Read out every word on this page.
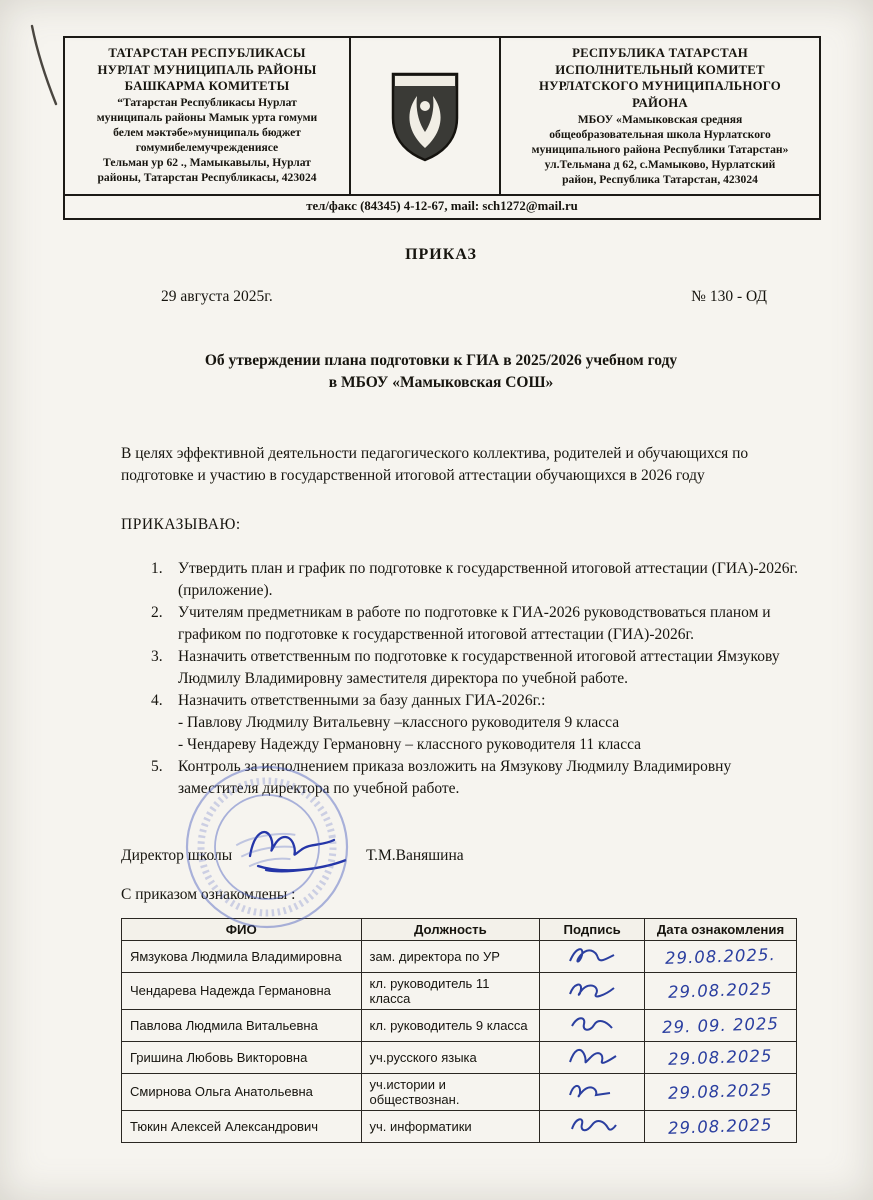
ТАТАРСТАН РЕСПУБЛИКАСЫ
НУРЛАТ МУНИЦИПАЛЬ РАЙОНЫ
БАШКАРМА КОМИТЕТЫ
“Татарстан Республикасы Нурлат
муниципаль районы Мамык урта гомуми
белем мәктәбе»муниципаль бюджет
гомумибелемучреждениясе
Тельман ур 62 ., Мамыкавылы, Нурлат
районы, Татарстан Республикасы, 423024
РЕСПУБЛИКА ТАТАРСТАН
ИСПОЛНИТЕЛЬНЫЙ КОМИТЕТ
НУРЛАТСКОГО МУНИЦИПАЛЬНОГО
РАЙОНА
МБОУ «Мамыковская средняя
общеобразовательная школа Нурлатского
муниципального района Республики Татарстан»
ул.Тельмана д 62, с.Мамыково, Нурлатский
район, Республика Татарстан, 423024
тел/факс (84345) 4-12-67, mail: sch1272@mail.ru
ПРИКАЗ
29 августа 2025г.	№ 130 - ОД
Об утверждении плана подготовки к ГИА в 2025/2026 учебном году
в МБОУ «Мамыковская СОШ»
В целях эффективной деятельности педагогического коллектива, родителей и обучающихся по подготовке и участию в государственной итоговой аттестации обучающихся в 2026 году
ПРИКАЗЫВАЮ:
1. Утвердить план и график по подготовке к государственной итоговой аттестации (ГИА)-2026г.(приложение).
2. Учителям предметникам в работе по подготовке к ГИА-2026 руководствоваться планом и графиком по подготовке к государственной итоговой аттестации (ГИА)-2026г.
3. Назначить ответственным по подготовке к государственной итоговой аттестации Ямзукову Людмилу Владимировну заместителя директора по учебной работе.
4. Назначить ответственными за базу данных ГИА-2026г.:
- Павлову Людмилу Витальевну –классного руководителя 9 класса
- Чендареву Надежду Германовну – классного руководителя 11 класса
5. Контроль за исполнением приказа возложить на Ямзукову Людмилу Владимировну заместителя директора по учебной работе.
Директор школы	Т.М.Ваняшина
С приказом ознакомлены :
ФИО	Должность	Подпись	Дата ознакомления
Ямзукова Людмила Владимировна	зам. директора по УР		29.08.2025.
Чендарева Надежда Германовна	кл. руководитель 11 класса		29.08.2025
Павлова Людмила Витальевна	кл. руководитель 9 класса		29. 09. 2025
Гришина Любовь Викторовна	уч.русского языка		29.08.2025
Смирнова Ольга Анатольевна	уч.истории и обществознан.		29.08.2025
Тюкин Алексей Александрович	уч. информатики		29.08.2025
